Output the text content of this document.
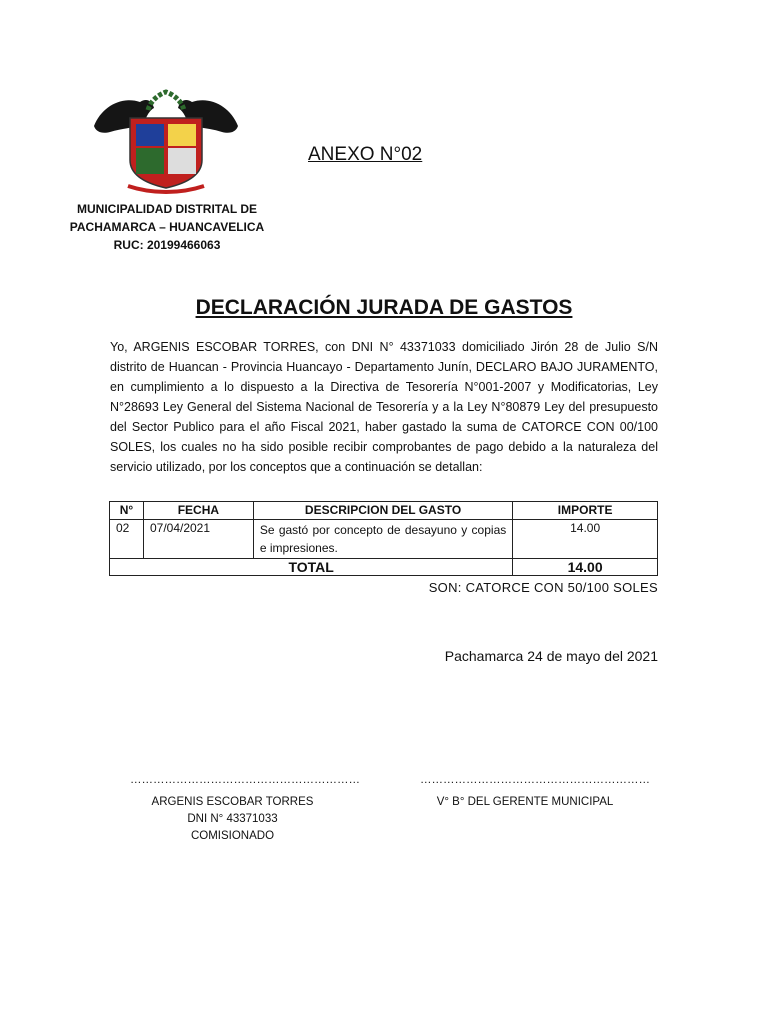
MUNICIPALIDAD DISTRITAL DE
PACHAMARCA – HUANCAVELICA
RUC: 20199466063
ANEXO N°02
DECLARACIÓN JURADA DE GASTOS
Yo, ARGENIS ESCOBAR TORRES, con DNI N° 43371033 domiciliado Jirón 28 de Julio S/N distrito de Huancan - Provincia Huancayo - Departamento Junín, DECLARO BAJO JURAMENTO, en cumplimiento a lo dispuesto a la Directiva de Tesorería N°001-2007 y Modificatorias, Ley N°28693 Ley General del Sistema Nacional de Tesorería y a la Ley N°80879 Ley del presupuesto del Sector Publico para el año Fiscal 2021, haber gastado la suma de CATORCE CON 00/100 SOLES, los cuales no ha sido posible recibir comprobantes de pago debido a la naturaleza del servicio utilizado, por los conceptos que a continuación se detallan:
N°	FECHA	DESCRIPCION DEL GASTO	IMPORTE
02	07/04/2021	Se gastó por concepto de desayuno y copias e impresiones.	14.00
TOTAL			14.00
SON: CATORCE CON 50/100 SOLES
Pachamarca 24 de mayo del 2021
……………………………………………………
ARGENIS ESCOBAR TORRES
DNI N° 43371033
COMISIONADO
……………………………………………………
V° B° DEL GERENTE MUNICIPAL
